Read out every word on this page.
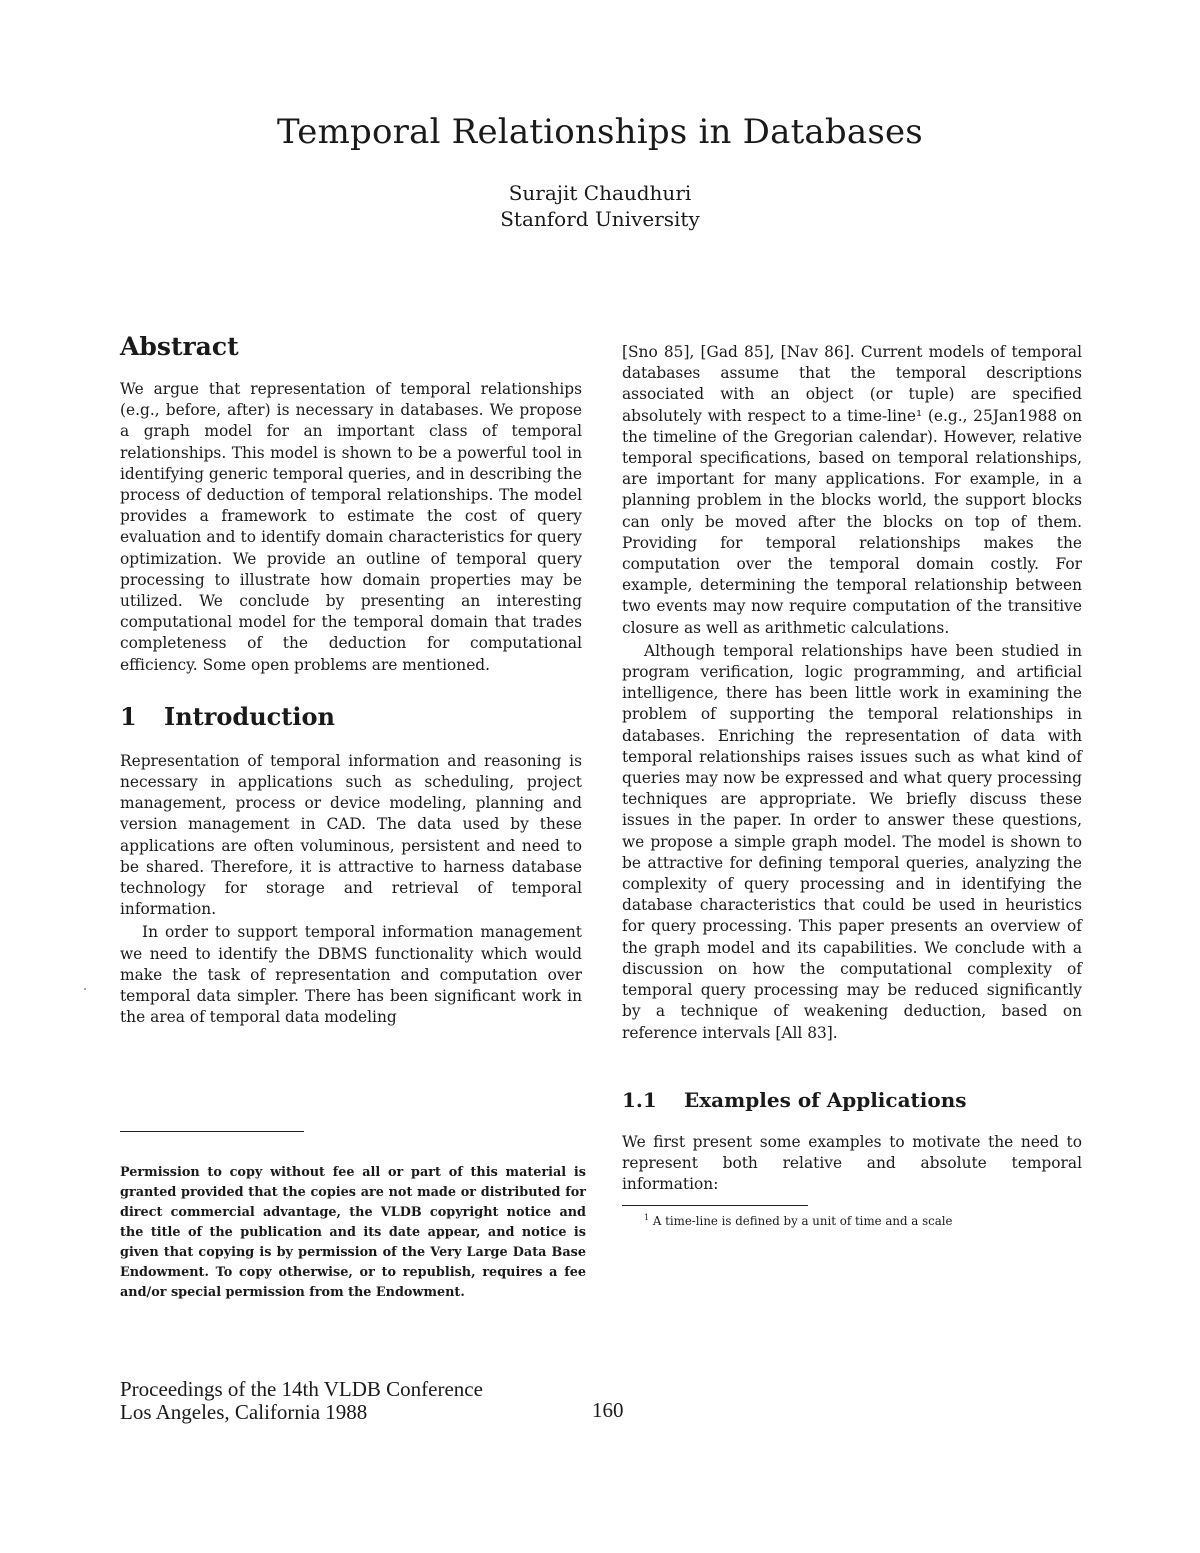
Temporal Relationships in Databases
Surajit Chaudhuri
Stanford University
Abstract

We argue that representation of temporal relationships (e.g., before, after) is necessary in databases. We propose a graph model for an important class of temporal relationships. This model is shown to be a powerful tool in identifying generic temporal queries, and in describing the process of deduction of temporal relationships. The model provides a framework to estimate the cost of query evaluation and to identify domain characteristics for query optimization. We provide an outline of temporal query processing to illustrate how domain properties may be utilized. We conclude by presenting an interesting computational model for the temporal domain that trades completeness of the deduction for computational efficiency. Some open problems are mentioned.

1 Introduction

Representation of temporal information and reasoning is necessary in applications such as scheduling, project management, process or device modeling, planning and version management in CAD. The data used by these applications are often voluminous, persistent and need to be shared. Therefore, it is attractive to harness database technology for storage and retrieval of temporal information.

In order to support temporal information management we need to identify the DBMS functionality which would make the task of representation and computation over temporal data simpler. There has been significant work in the area of temporal data modeling

Permission to copy without fee all or part of this material is granted provided that the copies are not made or distributed for direct commercial advantage, the VLDB copyright notice and the title of the publication and its date appear, and notice is given that copying is by permission of the Very Large Data Base Endowment. To copy otherwise, or to republish, requires a fee and/or special permission from the Endowment.

[Sno 85], [Gad 85], [Nav 86]. Current models of temporal databases assume that the temporal descriptions associated with an object (or tuple) are specified absolutely with respect to a time-line¹ (e.g., 25Jan1988 on the timeline of the Gregorian calendar). However, relative temporal specifications, based on temporal relationships, are important for many applications. For example, in a planning problem in the blocks world, the support blocks can only be moved after the blocks on top of them. Providing for temporal relationships makes the computation over the temporal domain costly. For example, determining the temporal relationship between two events may now require computation of the transitive closure as well as arithmetic calculations.

Although temporal relationships have been studied in program verification, logic programming, and artificial intelligence, there has been little work in examining the problem of supporting the temporal relationships in databases. Enriching the representation of data with temporal relationships raises issues such as what kind of queries may now be expressed and what query processing techniques are appropriate. We briefly discuss these issues in the paper. In order to answer these questions, we propose a simple graph model. The model is shown to be attractive for defining temporal queries, analyzing the complexity of query processing and in identifying the database characteristics that could be used in heuristics for query processing. This paper presents an overview of the graph model and its capabilities. We conclude with a discussion on how the computational complexity of temporal query processing may be reduced significantly by a technique of weakening deduction, based on reference intervals [All 83].

1.1 Examples of Applications

We first present some examples to motivate the need to represent both relative and absolute temporal information:

$^1$ A time-line is defined by a unit of time and a scale
Proceedings of the 14th VLDB Conference
Los Angeles, California 1988	160
